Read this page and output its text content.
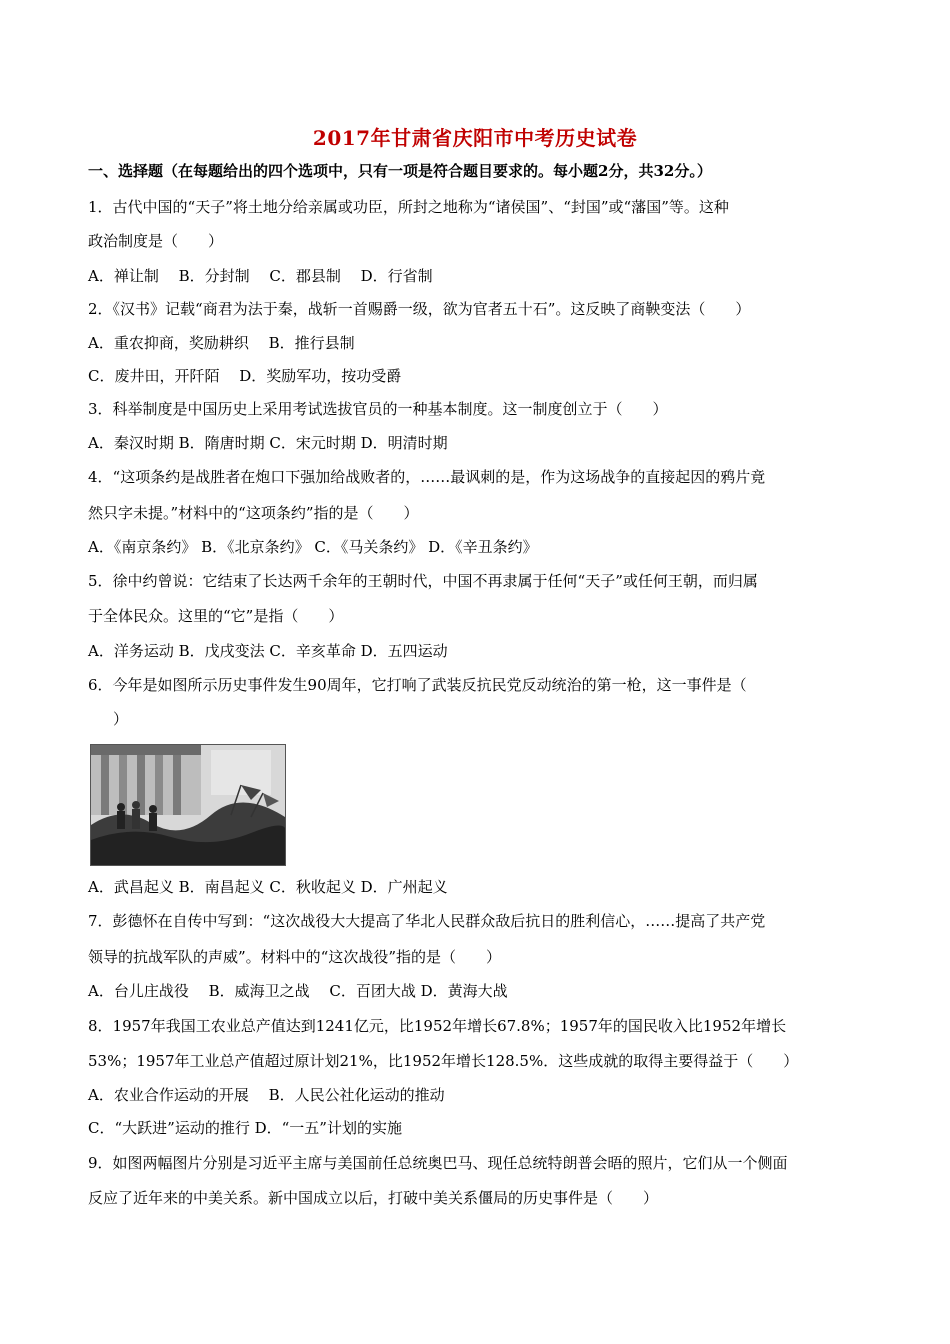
2017年甘肃省庆阳市中考历史试卷
一、选择题（在每题给出的四个选项中，只有一项是符合题目要求的。每小题2分，共32分。）
1．古代中国的“天子”将土地分给亲属或功臣，所封之地称为“诸侯国”、“封国”或“藩国”等。这种
政治制度是（　　）
A．禅让制　 B．分封制　 C．郡县制　 D．行省制
2．《汉书》记载“商君为法于秦，战斩一首赐爵一级，欲为官者五十石”。这反映了商鞅变法（　　）
A．重农抑商，奖励耕织　 B．推行县制
C．废井田，开阡陌　 D．奖励军功，按功受爵
3．科举制度是中国历史上采用考试选拔官员的一种基本制度。这一制度创立于（　　）
A．秦汉时期 B．隋唐时期 C．宋元时期 D．明清时期
4．“这项条约是战胜者在炮口下强加给战败者的，……最讽刺的是，作为这场战争的直接起因的鸦片竟
然只字未提。”材料中的“这项条约”指的是（　　）
A．《南京条约》 B．《北京条约》 C．《马关条约》 D．《辛丑条约》
5．徐中约曾说：它结束了长达两千余年的王朝时代，中国不再隶属于任何“天子”或任何王朝，而归属
于全体民众。这里的“它”是指（　　）
A．洋务运动 B．戊戌变法 C．辛亥革命 D．五四运动
6．今年是如图所示历史事件发生90周年，它打响了武装反抗民党反动统治的第一枪，这一事件是（
　）
A．武昌起义 B．南昌起义 C．秋收起义 D．广州起义
7．彭德怀在自传中写到：“这次战役大大提高了华北人民群众敌后抗日的胜利信心，……提高了共产党
领导的抗战军队的声威”。材料中的“这次战役”指的是（　　）
A．台儿庄战役　 B．威海卫之战　 C．百团大战 D．黄海大战
8．1957年我国工农业总产值达到1241亿元，比1952年增长67.8%；1957年的国民收入比1952年增长
53%；1957年工业总产值超过原计划21%，比1952年增长128.5%．这些成就的取得主要得益于（　　）
A．农业合作运动的开展　 B．人民公社化运动的推动
C．“大跃进”运动的推行 D．“一五”计划的实施
9．如图两幅图片分别是习近平主席与美国前任总统奥巴马、现任总统特朗普会晤的照片，它们从一个侧面
反应了近年来的中美关系。新中国成立以后，打破中美关系僵局的历史事件是（　　）
